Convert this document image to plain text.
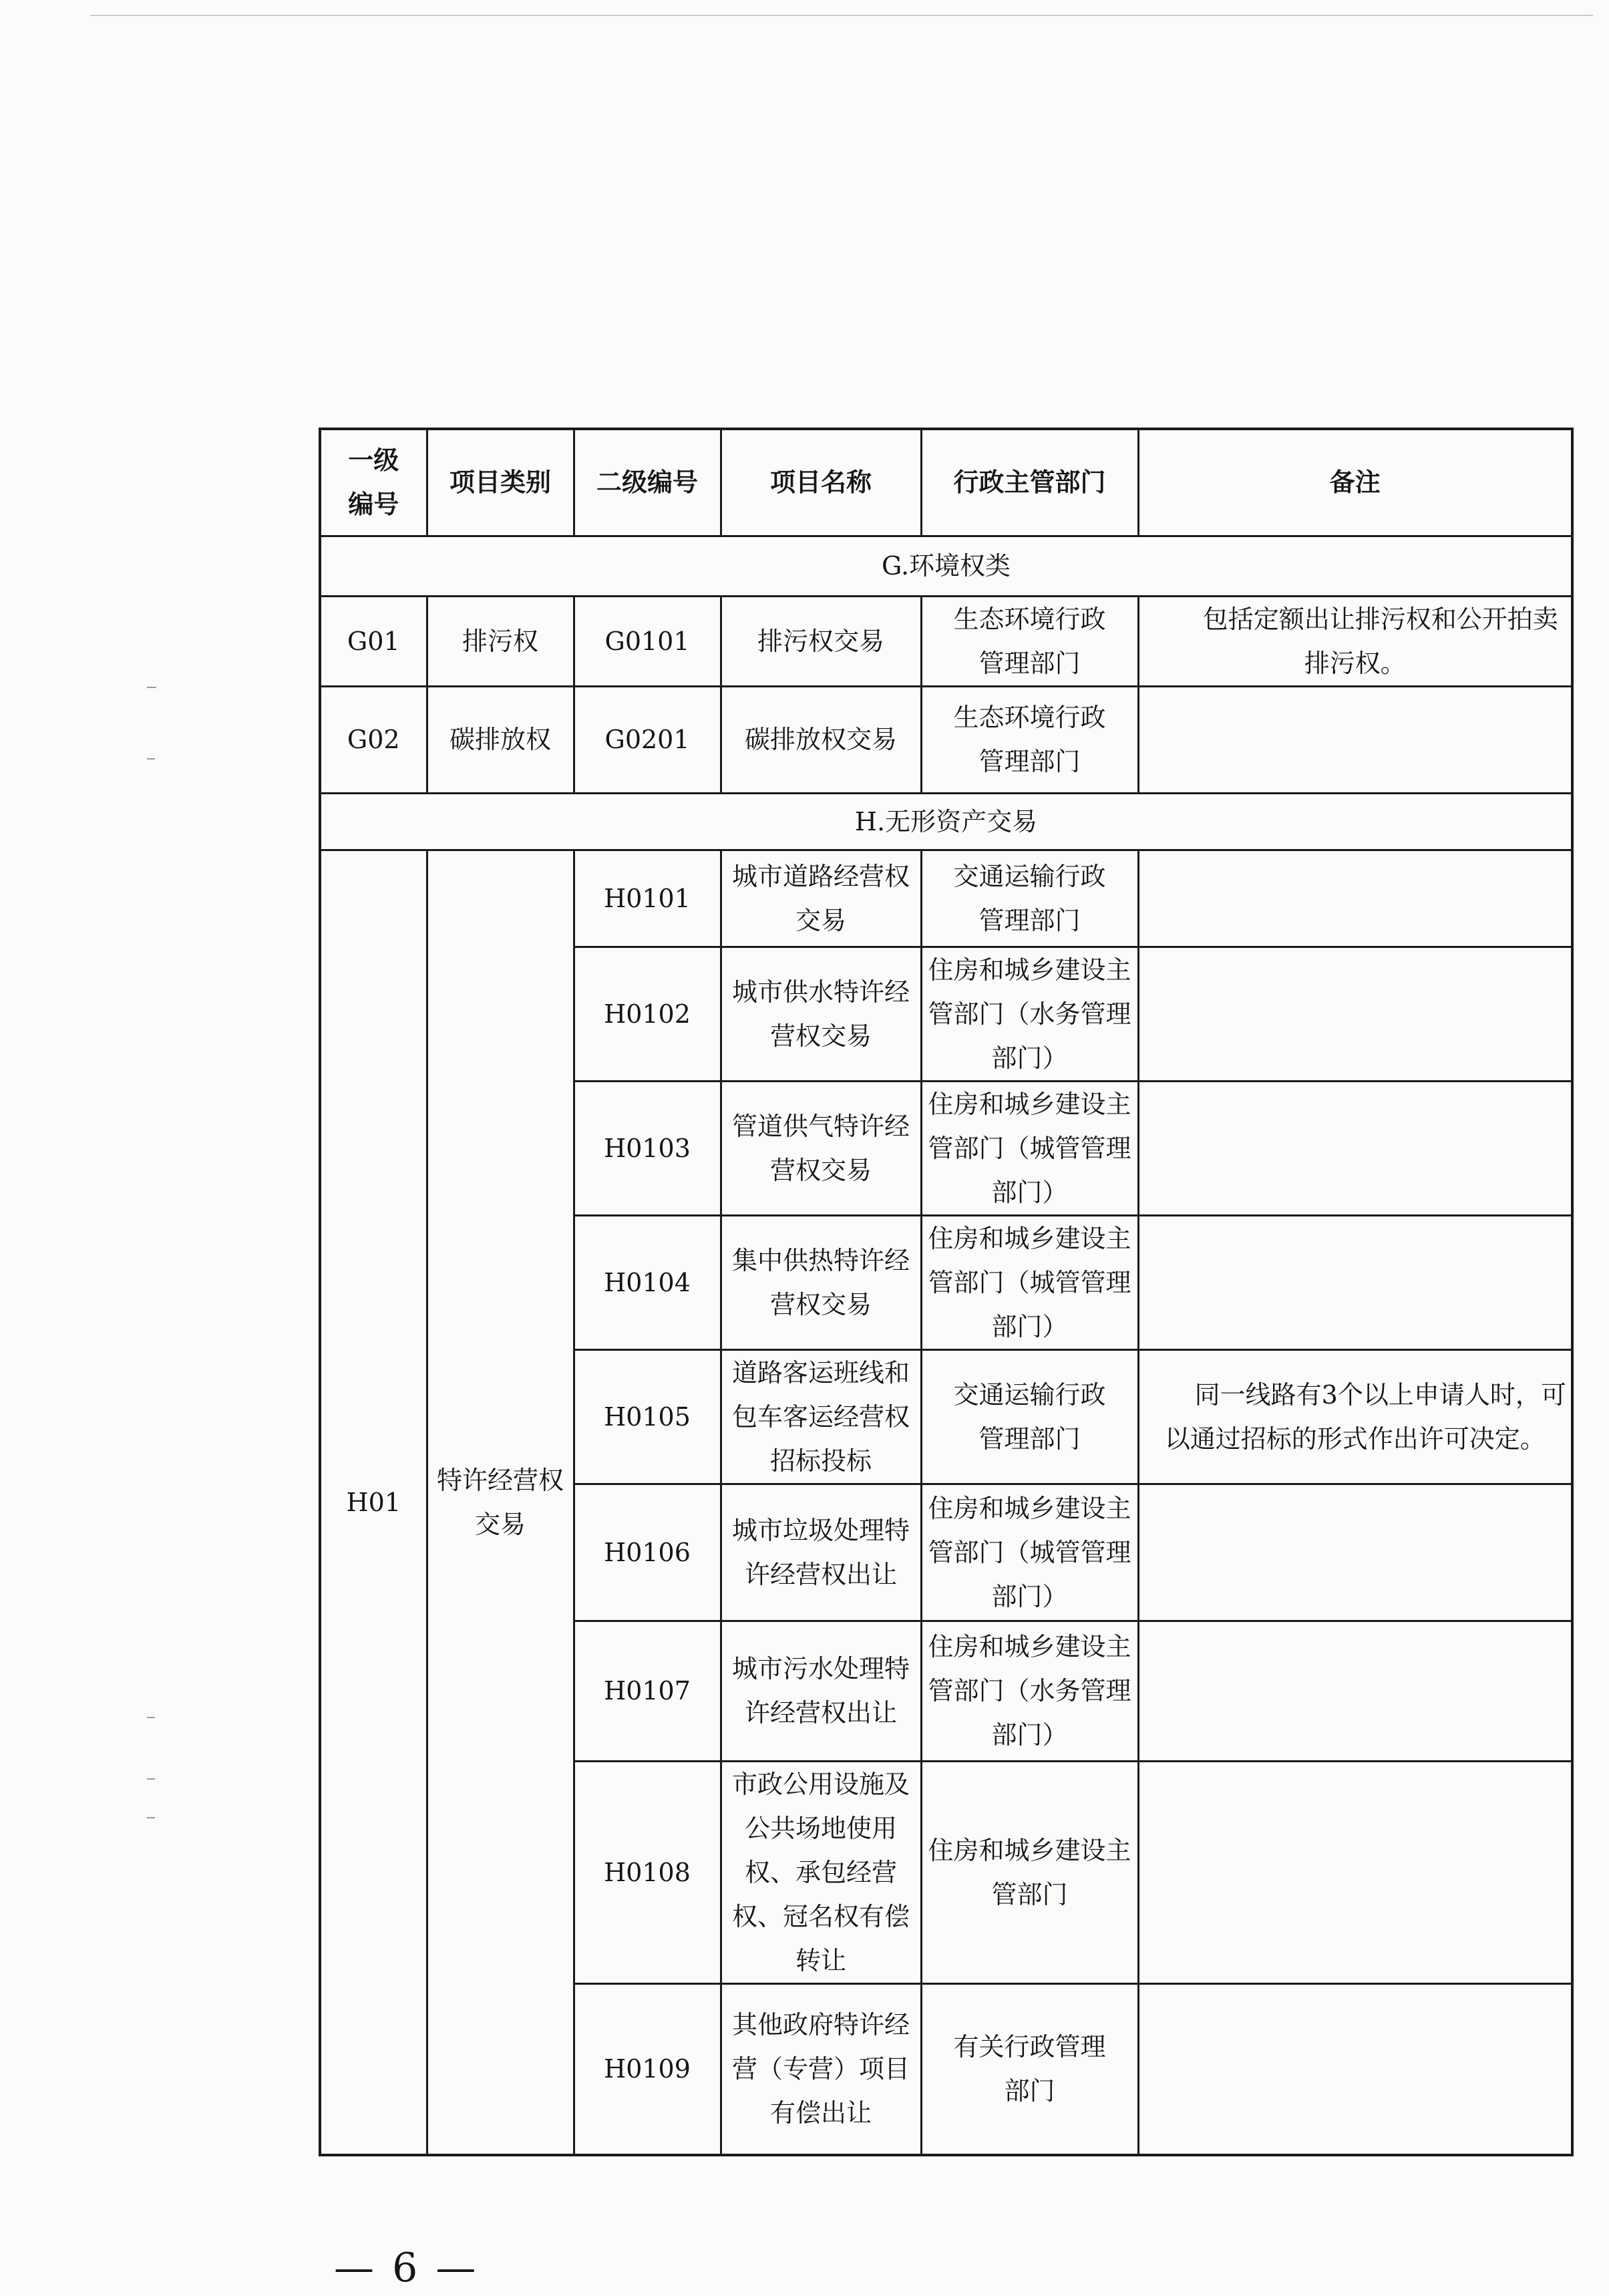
一级编号	项目类别	二级编号	项目名称	行政主管部门	备注
G.环境权类					
G01	排污权	G0101	排污权交易	生态环境行政管理部门	包括定额出让排污权和公开拍卖排污权。
G02	碳排放权	G0201	碳排放权交易	生态环境行政管理部门	
H.无形资产交易					
H01	特许经营权交易	H0101	城市道路经营权交易	交通运输行政管理部门	
		H0102	城市供水特许经营权交易	住房和城乡建设主管部门（水务管理部门）	
		H0103	管道供气特许经营权交易	住房和城乡建设主管部门（城管管理部门）	
		H0104	集中供热特许经营权交易	住房和城乡建设主管部门（城管管理部门）	
		H0105	道路客运班线和包车客运经营权招标投标	交通运输行政管理部门	同一线路有3个以上申请人时，可以通过招标的形式作出许可决定。
		H0106	城市垃圾处理特许经营权出让	住房和城乡建设主管部门（城管管理部门）	
		H0107	城市污水处理特许经营权出让	住房和城乡建设主管部门（水务管理部门）	
		H0108	市政公用设施及公共场地使用权、承包经营权、冠名权有偿转让	住房和城乡建设主管部门	
		H0109	其他政府特许经营（专营）项目有偿出让	有关行政管理部门	
— 6 —
